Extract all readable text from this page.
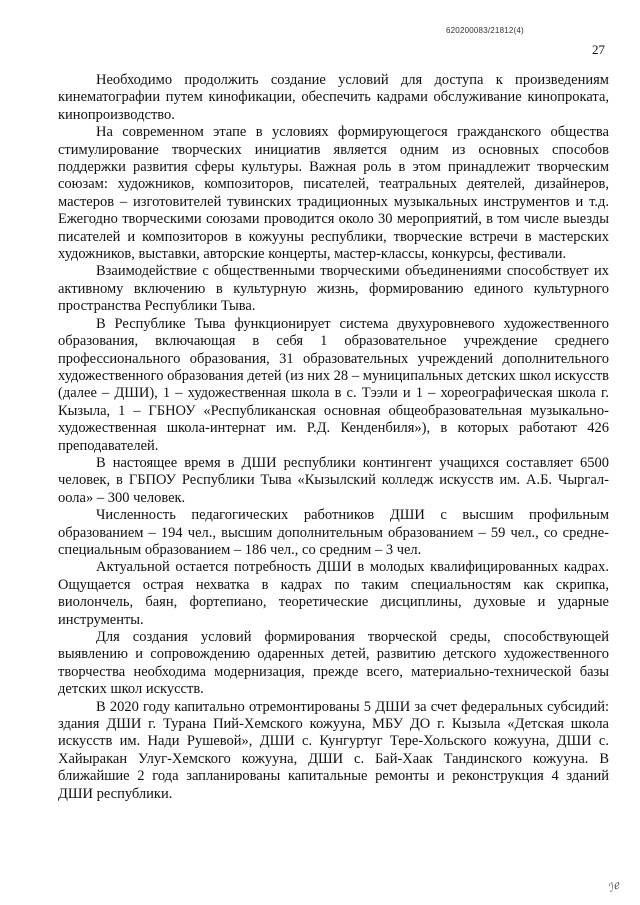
620200083/21812(4)
27

Необходимо продолжить создание условий для доступа к произведениям кинематографии путем кинофикации, обеспечить кадрами обслуживание кинопроката, кинопроизводство.

На современном этапе в условиях формирующегося гражданского общества стимулирование творческих инициатив является одним из основных способов поддержки развития сферы культуры. Важная роль в этом принадлежит творческим союзам: художников, композиторов, писателей, театральных деятелей, дизайнеров, мастеров – изготовителей тувинских традиционных музыкальных инструментов и т.д. Ежегодно творческими союзами проводится около 30 мероприятий, в том числе выезды писателей и композиторов в кожууны республики, творческие встречи в мастерских художников, выставки, авторские концерты, мастер-классы, конкурсы, фестивали.

Взаимодействие с общественными творческими объединениями способствует их активному включению в культурную жизнь, формированию единого культурного пространства Республики Тыва.

В Республике Тыва функционирует система двухуровневого художественного образования, включающая в себя 1 образовательное учреждение среднего профессионального образования, 31 образовательных учреждений дополнительного художественного образования детей (из них 28 – муниципальных детских школ искусств (далее – ДШИ), 1 – художественная школа в с. Тээли и 1 – хореографическая школа г. Кызыла, 1 – ГБНОУ «Республиканская основная общеобразовательная музыкально-художественная школа-интернат им. Р.Д. Кенденбиля»), в которых работают 426 преподавателей.

В настоящее время в ДШИ республики контингент учащихся составляет 6500 человек, в ГБПОУ Республики Тыва «Кызылский колледж искусств им. А.Б. Чыргал-оола» – 300 человек.

Численность педагогических работников ДШИ с высшим профильным образованием – 194 чел., высшим дополнительным образованием – 59 чел., со средне-специальным образованием – 186 чел., со средним – 3 чел.

Актуальной остается потребность ДШИ в молодых квалифицированных кадрах. Ощущается острая нехватка в кадрах по таким специальностям как скрипка, виолончель, баян, фортепиано, теоретические дисциплины, духовые и ударные инструменты.

Для создания условий формирования творческой среды, способствующей выявлению и сопровождению одаренных детей, развитию детского художественного творчества необходима модернизация, прежде всего, материально-технической базы детских школ искусств.

В 2020 году капитально отремонтированы 5 ДШИ за счет федеральных субсидий: здания ДШИ г. Турана Пий-Хемского кожууна, МБУ ДО г. Кызыла «Детская школа искусств им. Нади Рушевой», ДШИ с. Кунгуртуг Тере-Хольского кожууна, ДШИ с. Хайыракан Улуг-Хемского кожууна, ДШИ с. Бай-Хаак Тандинского кожууна. В ближайшие 2 года запланированы капитальные ремонты и реконструкция 4 зданий ДШИ республики.

ℐℯ
